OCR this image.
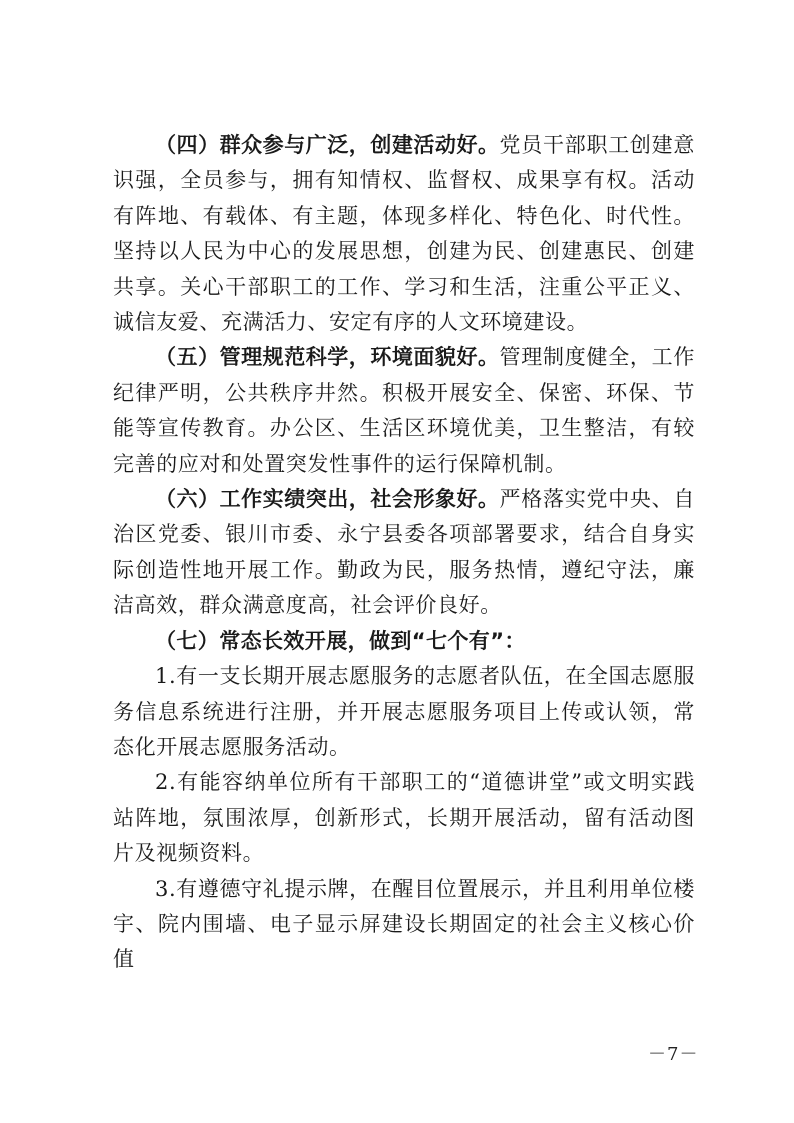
（四）群众参与广泛，创建活动好。党员干部职工创建意识强，全员参与，拥有知情权、监督权、成果享有权。活动有阵地、有载体、有主题，体现多样化、特色化、时代性。坚持以人民为中心的发展思想，创建为民、创建惠民、创建共享。关心干部职工的工作、学习和生活，注重公平正义、诚信友爱、充满活力、安定有序的人文环境建设。

（五）管理规范科学，环境面貌好。管理制度健全，工作纪律严明，公共秩序井然。积极开展安全、保密、环保、节能等宣传教育。办公区、生活区环境优美，卫生整洁，有较完善的应对和处置突发性事件的运行保障机制。

（六）工作实绩突出，社会形象好。严格落实党中央、自治区党委、银川市委、永宁县委各项部署要求，结合自身实际创造性地开展工作。勤政为民，服务热情，遵纪守法，廉洁高效，群众满意度高，社会评价良好。

（七）常态长效开展，做到“七个有”：

1.有一支长期开展志愿服务的志愿者队伍，在全国志愿服务信息系统进行注册，并开展志愿服务项目上传或认领，常态化开展志愿服务活动。

2.有能容纳单位所有干部职工的“道德讲堂”或文明实践站阵地，氛围浓厚，创新形式，长期开展活动，留有活动图片及视频资料。

3.有遵德守礼提示牌，在醒目位置展示，并且利用单位楼宇、院内围墙、电子显示屏建设长期固定的社会主义核心价值

－7－
